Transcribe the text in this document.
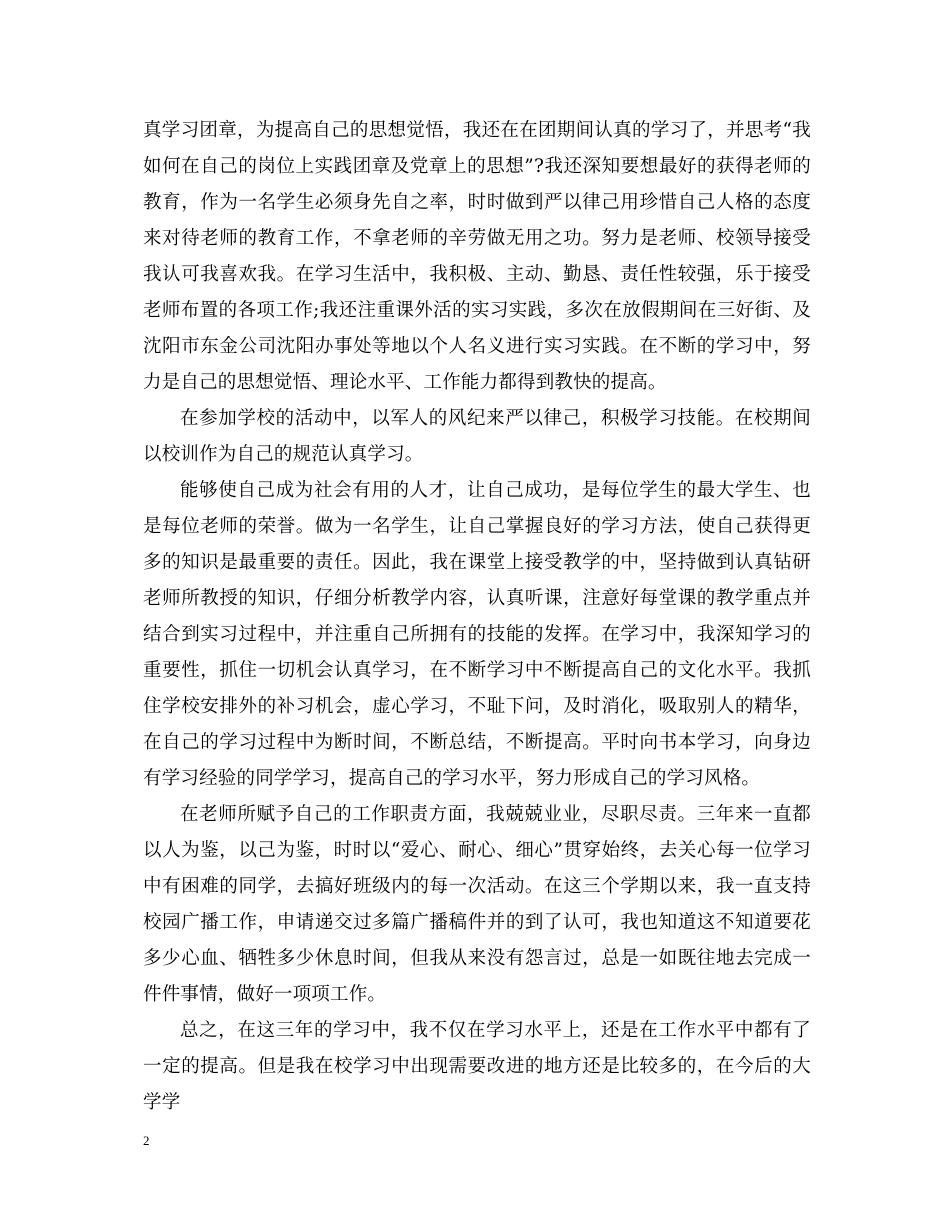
真学习团章，为提高自己的思想觉悟，我还在在团期间认真的学习了，并思考“我如何在自己的岗位上实践团章及党章上的思想”?我还深知要想最好的获得老师的教育，作为一名学生必须身先自之率，时时做到严以律己用珍惜自己人格的态度来对待老师的教育工作，不拿老师的辛劳做无用之功。努力是老师、校领导接受我认可我喜欢我。在学习生活中，我积极、主动、勤恳、责任性较强，乐于接受老师布置的各项工作;我还注重课外活的实习实践，多次在放假期间在三好街、及沈阳市东金公司沈阳办事处等地以个人名义进行实习实践。在不断的学习中，努力是自己的思想觉悟、理论水平、工作能力都得到教快的提高。

在参加学校的活动中，以军人的风纪来严以律己，积极学习技能。在校期间以校训作为自己的规范认真学习。

能够使自己成为社会有用的人才，让自己成功，是每位学生的最大学生、也是每位老师的荣誉。做为一名学生，让自己掌握良好的学习方法，使自己获得更多的知识是最重要的责任。因此，我在课堂上接受教学的中，坚持做到认真钻研老师所教授的知识，仔细分析教学内容，认真听课，注意好每堂课的教学重点并结合到实习过程中，并注重自己所拥有的技能的发挥。在学习中，我深知学习的重要性，抓住一切机会认真学习，在不断学习中不断提高自己的文化水平。我抓住学校安排外的补习机会，虚心学习，不耻下问，及时消化，吸取别人的精华，在自己的学习过程中为断时间，不断总结，不断提高。平时向书本学习，向身边有学习经验的同学学习，提高自己的学习水平，努力形成自己的学习风格。

在老师所赋予自己的工作职责方面，我兢兢业业，尽职尽责。三年来一直都以人为鉴，以己为鉴，时时以“爱心、耐心、细心”贯穿始终，去关心每一位学习中有困难的同学，去搞好班级内的每一次活动。在这三个学期以来，我一直支持校园广播工作，申请递交过多篇广播稿件并的到了认可，我也知道这不知道要花多少心血、牺牲多少休息时间，但我从来没有怨言过，总是一如既往地去完成一件件事情，做好一项项工作。

总之，在这三年的学习中，我不仅在学习水平上，还是在工作水平中都有了一定的提高。但是我在校学习中出现需要改进的地方还是比较多的，在今后的大学学

2
